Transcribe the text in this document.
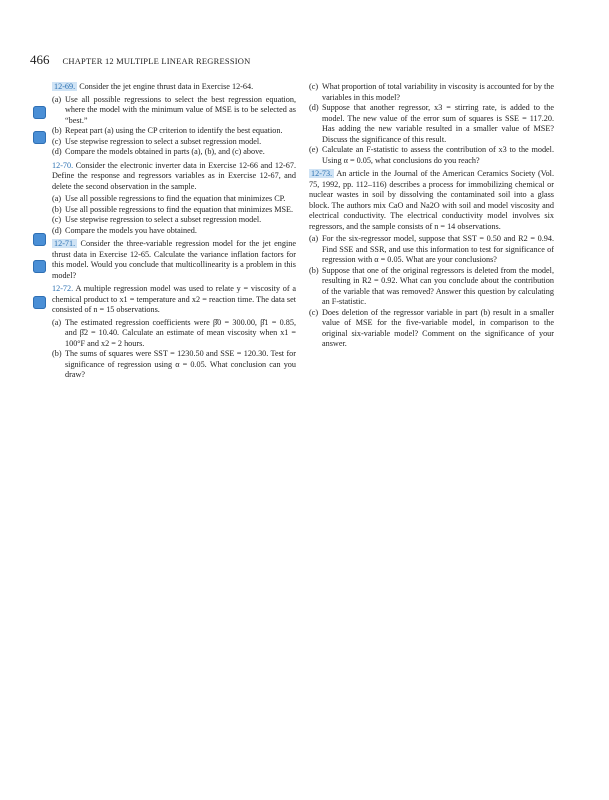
466 CHAPTER 12 MULTIPLE LINEAR REGRESSION

12-69. Consider the jet engine thrust data in Exercise 12-64.

(a) Use all possible regressions to select the best regression equation, where the model with the minimum value of MSE is to be selected as “best.”
(b) Repeat part (a) using the CP criterion to identify the best equation.
(c) Use stepwise regression to select a subset regression model.
(d) Compare the models obtained in parts (a), (b), and (c) above.

12-70. Consider the electronic inverter data in Exercise 12-66 and 12-67. Define the response and regressors variables as in Exercise 12-67, and delete the second observation in the sample.

(a) Use all possible regressions to find the equation that minimizes CP.
(b) Use all possible regressions to find the equation that minimizes MSE.
(c) Use stepwise regression to select a subset regression model.
(d) Compare the models you have obtained.

12-71. Consider the three-variable regression model for the jet engine thrust data in Exercise 12-65. Calculate the variance inflation factors for this model. Would you conclude that multicollinearity is a problem in this model?

12-72. A multiple regression model was used to relate y = viscosity of a chemical product to x1 = temperature and x2 = reaction time. The data set consisted of n = 15 observations.

(a) The estimated regression coefficients were β̂0 = 300.00, β̂1 = 0.85, and β̂2 = 10.40. Calculate an estimate of mean viscosity when x1 = 100°F and x2 = 2 hours.
(b) The sums of squares were SST = 1230.50 and SSE = 120.30. Test for significance of regression using α = 0.05. What conclusion can you draw?
(c) What proportion of total variability in viscosity is accounted for by the variables in this model?
(d) Suppose that another regressor, x3 = stirring rate, is added to the model. The new value of the error sum of squares is SSE = 117.20. Has adding the new variable resulted in a smaller value of MSE? Discuss the significance of this result.
(e) Calculate an F-statistic to assess the contribution of x3 to the model. Using α = 0.05, what conclusions do you reach?

12-73. An article in the Journal of the American Ceramics Society (Vol. 75, 1992, pp. 112–116) describes a process for immobilizing chemical or nuclear wastes in soil by dissolving the contaminated soil into a glass block. The authors mix CaO and Na2O with soil and model viscosity and electrical conductivity. The electrical conductivity model involves six regressors, and the sample consists of n = 14 observations.

(a) For the six-regressor model, suppose that SST = 0.50 and R2 = 0.94. Find SSE and SSR, and use this information to test for significance of regression with α = 0.05. What are your conclusions?
(b) Suppose that one of the original regressors is deleted from the model, resulting in R2 = 0.92. What can you conclude about the contribution of the variable that was removed? Answer this question by calculating an F-statistic.
(c) Does deletion of the regressor variable in part (b) result in a smaller value of MSE for the five-variable model, in comparison to the original six-variable model? Comment on the significance of your answer.
